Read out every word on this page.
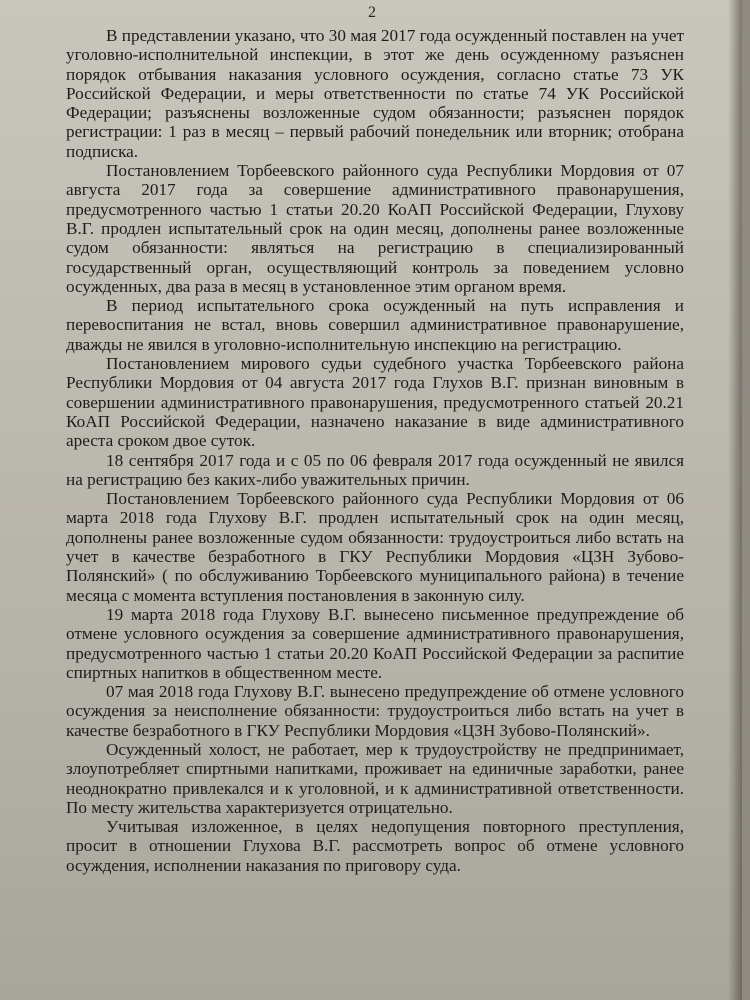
2

В представлении указано, что 30 мая 2017 года осужденный поставлен на учет уголовно-исполнительной инспекции, в этот же день осужденному разъяснен порядок отбывания наказания условного осуждения, согласно статье 73 УК Российской Федерации, и меры ответственности по статье 74 УК Российской Федерации; разъяснены возложенные судом обязанности; разъяснен порядок регистрации: 1 раз в месяц – первый рабочий понедельник или вторник; отобрана подписка.

Постановлением Торбеевского районного суда Республики Мордовия от 07 августа 2017 года за совершение административного правонарушения, предусмотренного частью 1 статьи 20.20 КоАП Российской Федерации, Глухову В.Г. продлен испытательный срок на один месяц, дополнены ранее возложенные судом обязанности: являться на регистрацию в специализированный государственный орган, осуществляющий контроль за поведением условно осужденных, два раза в месяц в установленное этим органом время.

В период испытательного срока осужденный на путь исправления и перевоспитания не встал, вновь совершил административное правонарушение, дважды не явился в уголовно-исполнительную инспекцию на регистрацию.

Постановлением мирового судьи судебного участка Торбеевского района Республики Мордовия от 04 августа 2017 года Глухов В.Г. признан виновным в совершении административного правонарушения, предусмотренного статьей 20.21 КоАП Российской Федерации, назначено наказание в виде административного ареста сроком двое суток.

18 сентября 2017 года и с 05 по 06 февраля 2017 года осужденный не явился на регистрацию без каких-либо уважительных причин.

Постановлением Торбеевского районного суда Республики Мордовия от 06 марта 2018 года Глухову В.Г. продлен испытательный срок на один месяц, дополнены ранее возложенные судом обязанности: трудоустроиться либо встать на учет в качестве безработного в ГКУ Республики Мордовия «ЦЗН Зубово-Полянский» ( по обслуживанию Торбеевского муниципального района) в течение месяца с момента вступления постановления в законную силу.

19 марта 2018 года Глухову В.Г. вынесено письменное предупреждение об отмене условного осуждения за совершение административного правонарушения, предусмотренного частью 1 статьи 20.20 КоАП Российской Федерации за распитие спиртных напитков в общественном месте.

07 мая 2018 года Глухову В.Г. вынесено предупреждение об отмене условного осуждения за неисполнение обязанности: трудоустроиться либо встать на учет в качестве безработного в ГКУ Республики Мордовия «ЦЗН Зубово-Полянский».

Осужденный холост, не работает, мер к трудоустройству не предпринимает, злоупотребляет спиртными напитками, проживает на единичные заработки, ранее неоднократно привлекался и к уголовной, и к административной ответственности. По месту жительства характеризуется отрицательно.

Учитывая изложенное, в целях недопущения повторного преступления, просит в отношении Глухова В.Г. рассмотреть вопрос об отмене условного осуждения, исполнении наказания по приговору суда.
